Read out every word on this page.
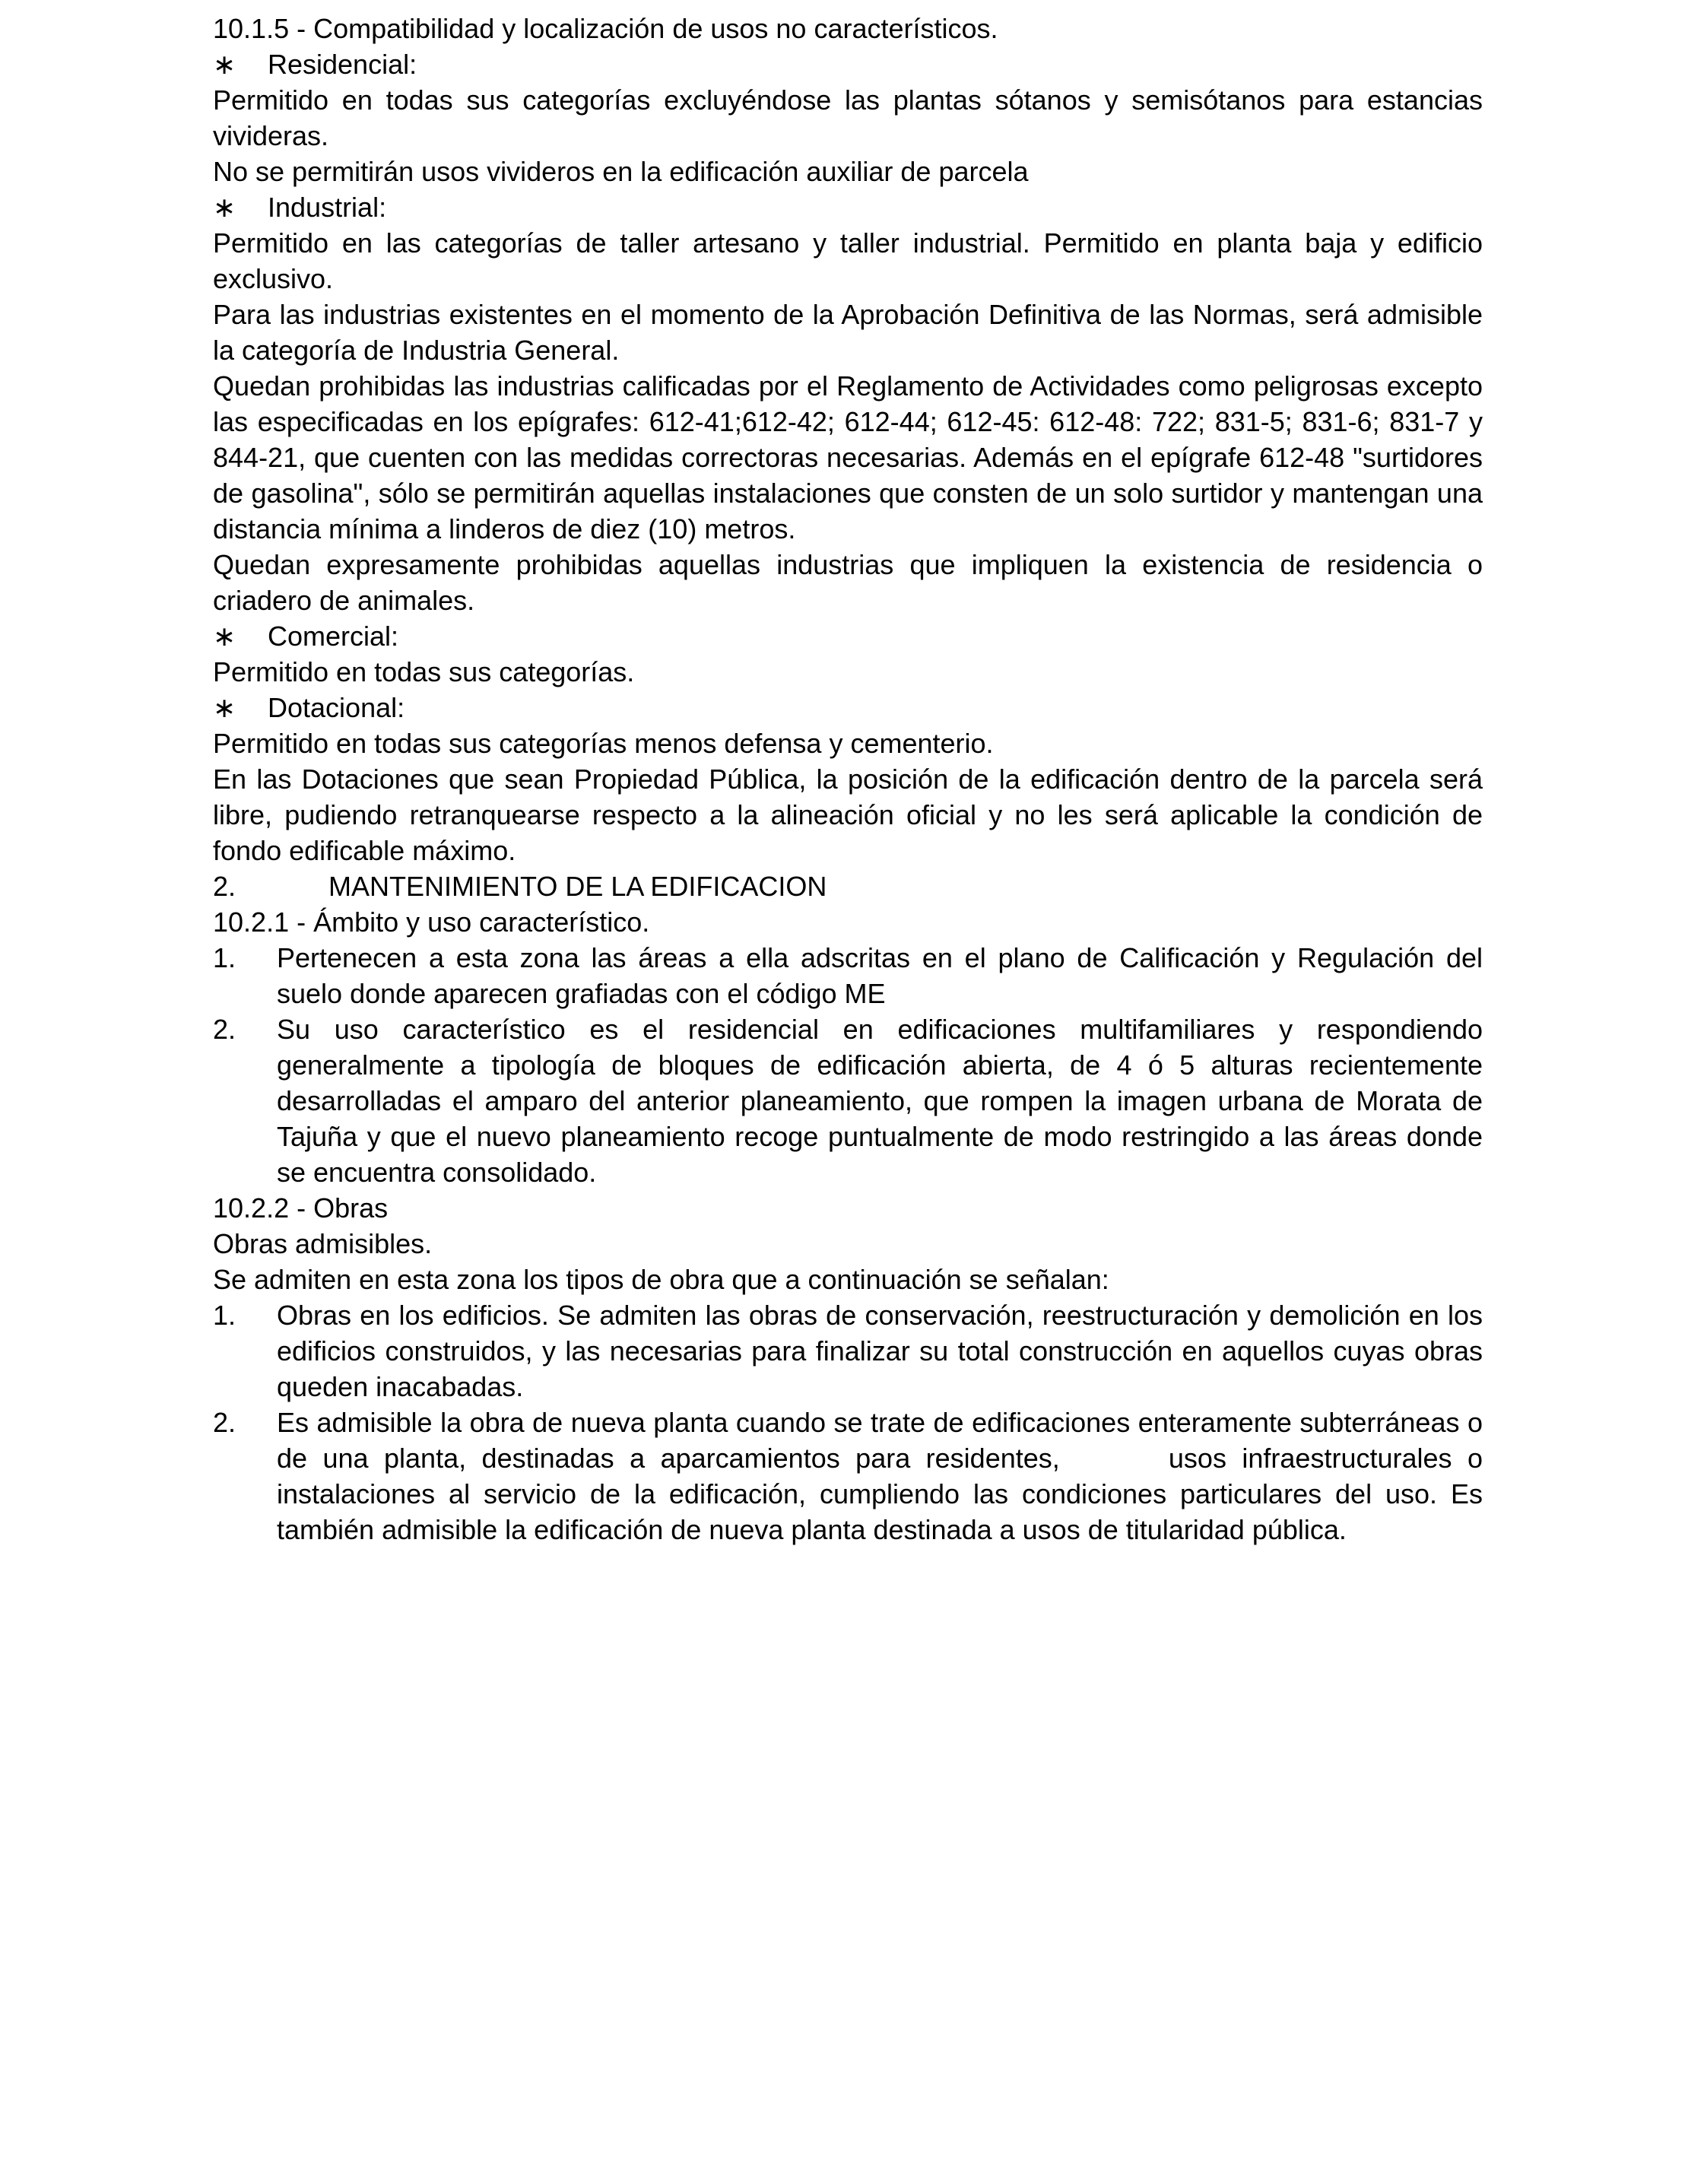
10.1.5 - Compatibilidad y localización de usos no característicos.

∗	Residencial:

Permitido en todas sus categorías excluyéndose las plantas sótanos y semisótanos para estancias vivideras.

No se permitirán usos vivideros en la edificación auxiliar de parcela

∗	Industrial:

Permitido en las categorías de taller artesano y taller industrial. Permitido en planta baja y edificio exclusivo.

Para las industrias existentes en el momento de la Aprobación Definitiva de las Normas, será admisible la categoría de Industria General.

Quedan prohibidas las industrias calificadas por el Reglamento de Actividades como peligrosas excepto las especificadas en los epígrafes: 612-41;612-42; 612-44; 612-45: 612-48: 722; 831-5; 831-6; 831-7 y 844-21, que cuenten con las medidas correctoras necesarias. Además en el epígrafe 612-48 "surtidores de gasolina", sólo se permitirán aquellas instalaciones que consten de un solo surtidor y mantengan una distancia mínima a linderos de diez (10) metros.

Quedan expresamente prohibidas aquellas industrias que impliquen la existencia de residencia o criadero de animales.

∗	Comercial:

Permitido en todas sus categorías.

∗	Dotacional:

Permitido en todas sus categorías menos defensa y cementerio.

En las Dotaciones que sean Propiedad Pública, la posición de la edificación dentro de la parcela será libre, pudiendo retranquearse respecto a la alineación oficial y no les será aplicable la condición de fondo edificable máximo.

2.	MANTENIMIENTO DE LA EDIFICACION

10.2.1 - Ámbito y uso característico.

1.	Pertenecen a esta zona las áreas a ella adscritas en el plano de Calificación y Regulación del suelo donde aparecen grafiadas con el código ME
2.	Su uso característico es el residencial en edificaciones multifamiliares y respondiendo generalmente a tipología de bloques de edificación abierta, de 4 ó 5 alturas recientemente desarrolladas el amparo del anterior planeamiento, que rompen la imagen urbana de Morata de Tajuña y que el nuevo planeamiento recoge puntualmente de modo restringido a las áreas donde se encuentra consolidado.

10.2.2 - Obras

Obras admisibles.

Se admiten en esta zona los tipos de obra que a continuación se señalan:

1.	Obras en los edificios. Se admiten las obras de conservación, reestructuración y demolición en los edificios construidos, y las necesarias para finalizar su total construcción en aquellos cuyas obras queden inacabadas.
2.	Es admisible la obra de nueva planta cuando se trate de edificaciones enteramente subterráneas o de una planta, destinadas a aparcamientos para residentes,       usos infraestructurales o instalaciones al servicio de la edificación, cumpliendo las condiciones particulares del uso. Es también admisible la edificación de nueva planta destinada a usos de titularidad pública.
